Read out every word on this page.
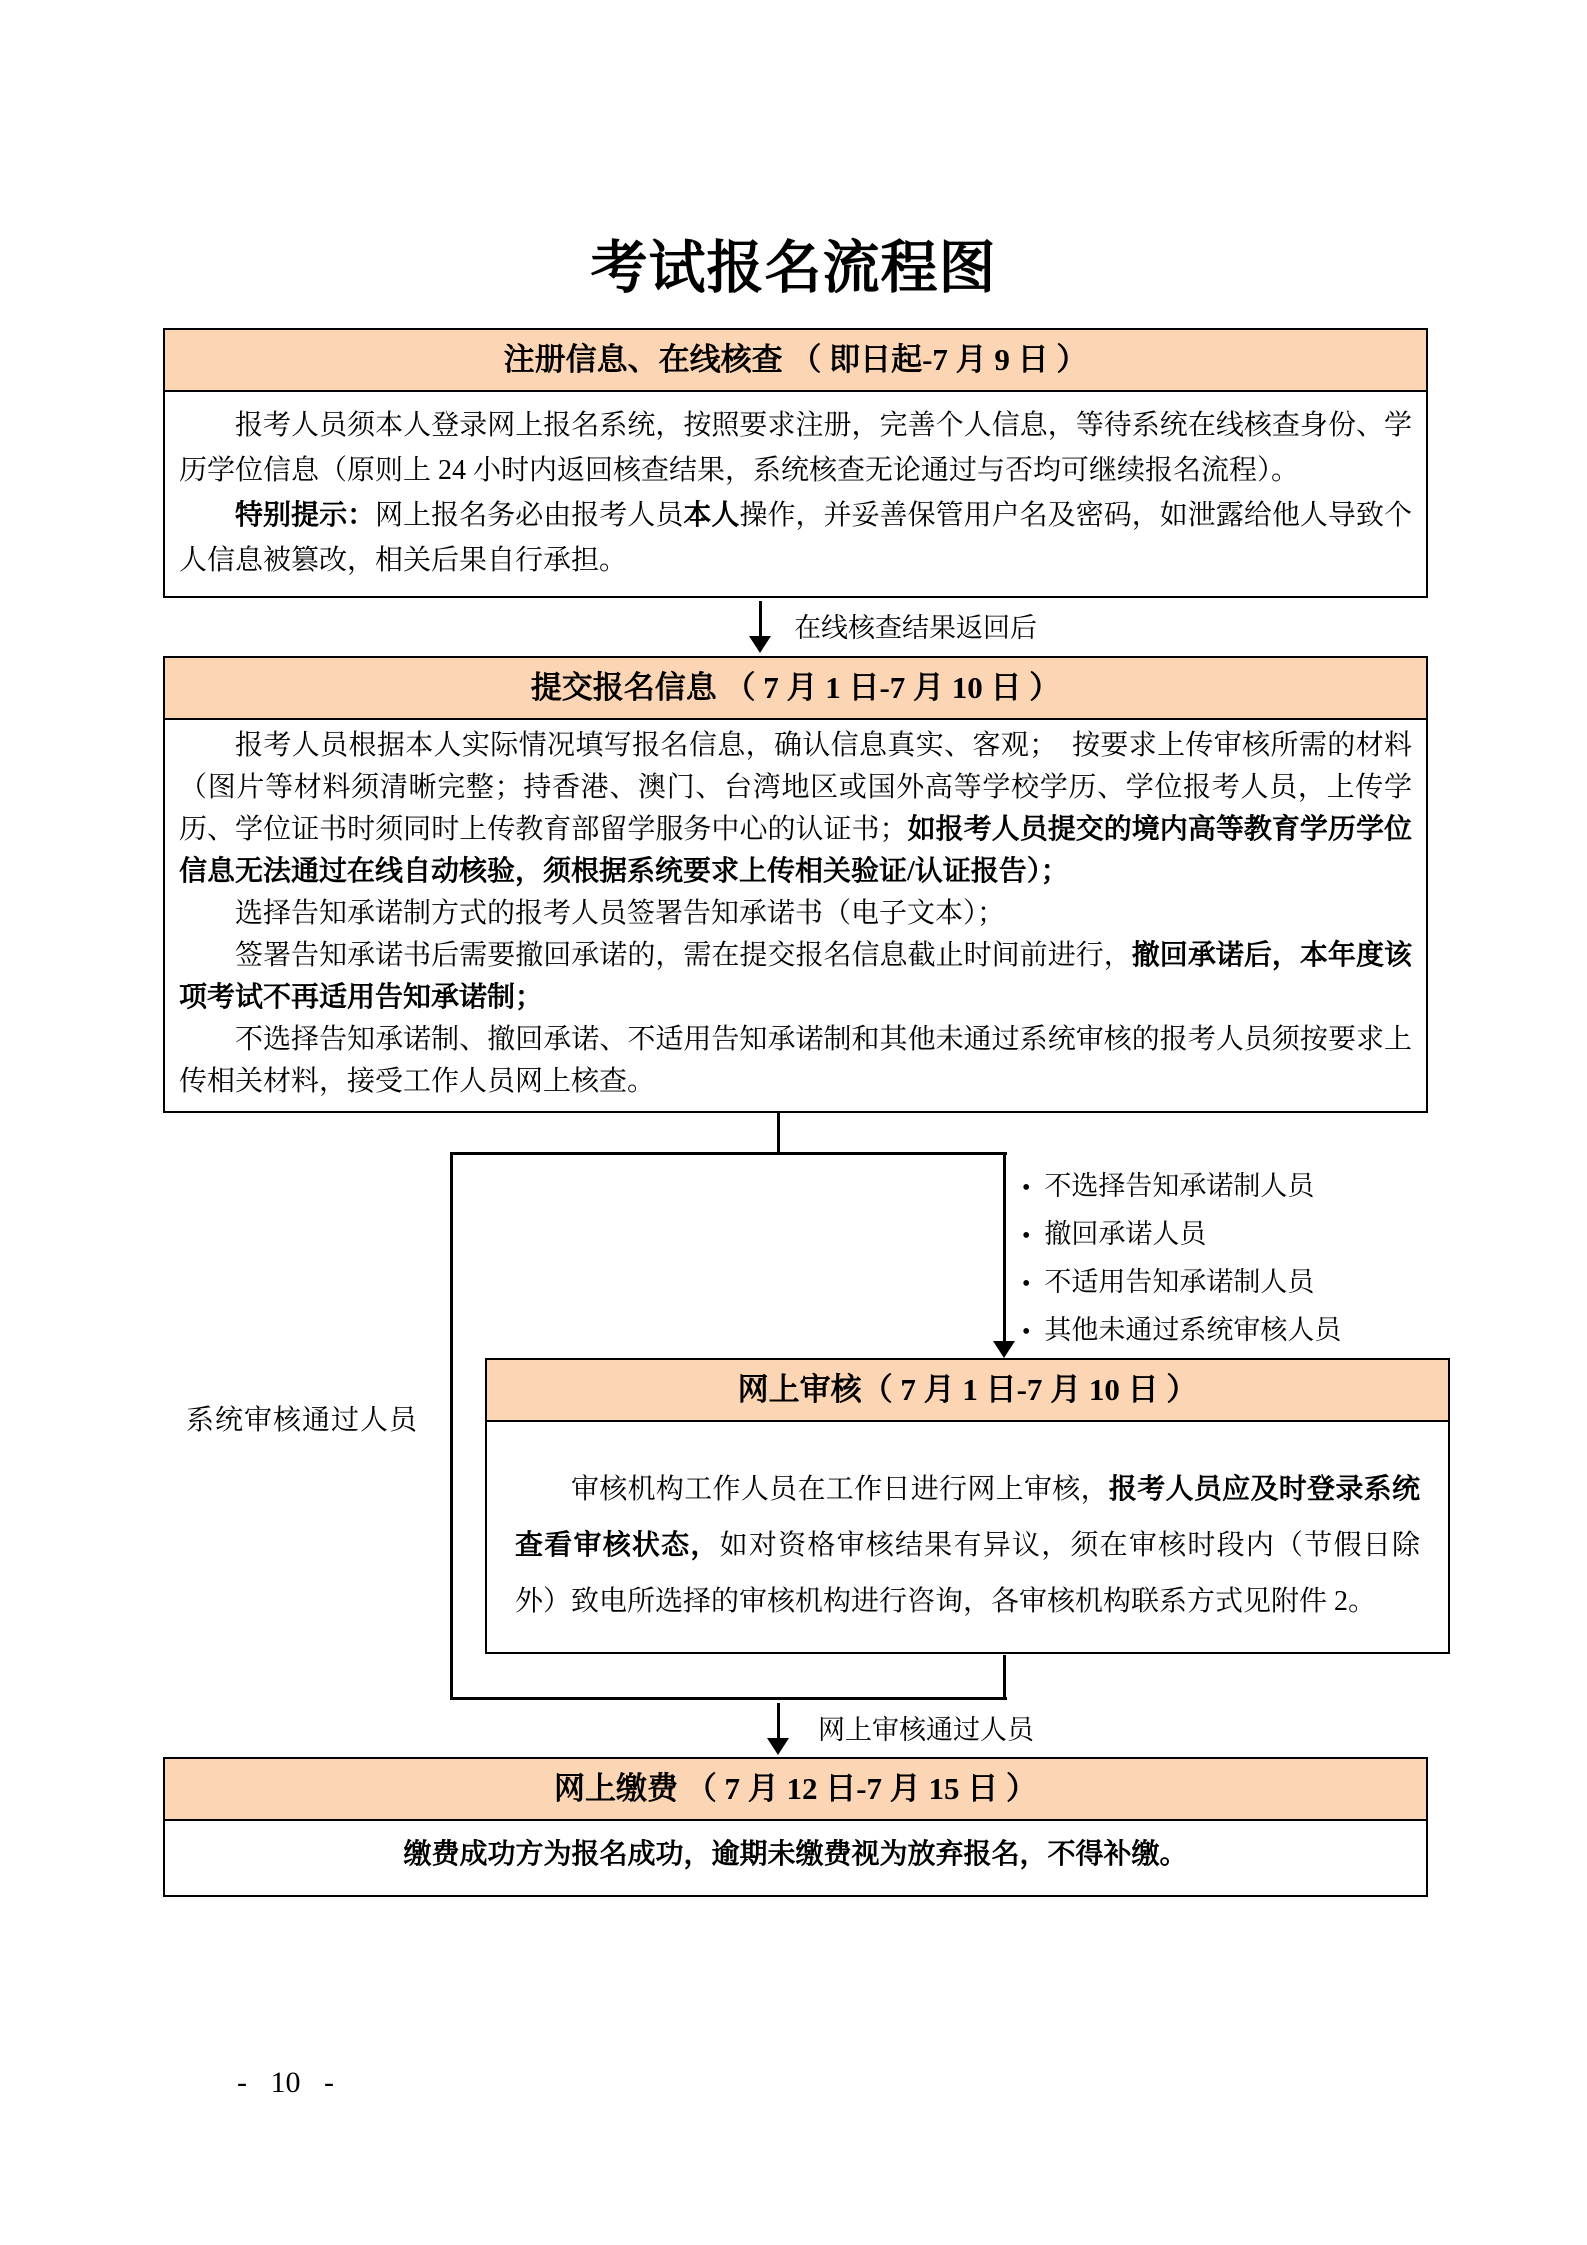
考试报名流程图
注册信息、在线核查 （ 即日起-7 月 9 日 ）

报考人员须本人登录网上报名系统，按照要求注册，完善个人信息，等待系统在线核查身份、学历学位信息（原则上 24 小时内返回核查结果，系统核查无论通过与否均可继续报名流程）。

特别提示：网上报名务必由报考人员本人操作，并妥善保管用户名及密码，如泄露给他人导致个人信息被篡改，相关后果自行承担。

在线核查结果返回后
提交报名信息 （ 7 月 1 日-7 月 10 日 ）

报考人员根据本人实际情况填写报名信息，确认信息真实、客观；　按要求上传审核所需的材料（图片等材料须清晰完整；持香港、澳门、台湾地区或国外高等学校学历、学位报考人员，上传学历、学位证书时须同时上传教育部留学服务中心的认证书；如报考人员提交的境内高等教育学历学位信息无法通过在线自动核验，须根据系统要求上传相关验证/认证报告）；

选择告知承诺制方式的报考人员签署告知承诺书（电子文本）；

签署告知承诺书后需要撤回承诺的，需在提交报名信息截止时间前进行，撤回承诺后，本年度该项考试不再适用告知承诺制；

不选择告知承诺制、撤回承诺、不适用告知承诺制和其他未通过系统审核的报考人员须按要求上传相关材料，接受工作人员网上核查。

• 不选择告知承诺制人员
• 撤回承诺人员
• 不适用告知承诺制人员
• 其他未通过系统审核人员
系统审核通过人员
网上审核（ 7 月 1 日-7 月 10 日 ）

审核机构工作人员在工作日进行网上审核，报考人员应及时登录系统查看审核状态，如对资格审核结果有异议，须在审核时段内（节假日除外）致电所选择的审核机构进行咨询，各审核机构联系方式见附件 2。

网上审核通过人员
网上缴费 （ 7 月 12 日-7 月 15 日 ）

缴费成功方为报名成功，逾期未缴费视为放弃报名，不得补缴。

- 10 -
